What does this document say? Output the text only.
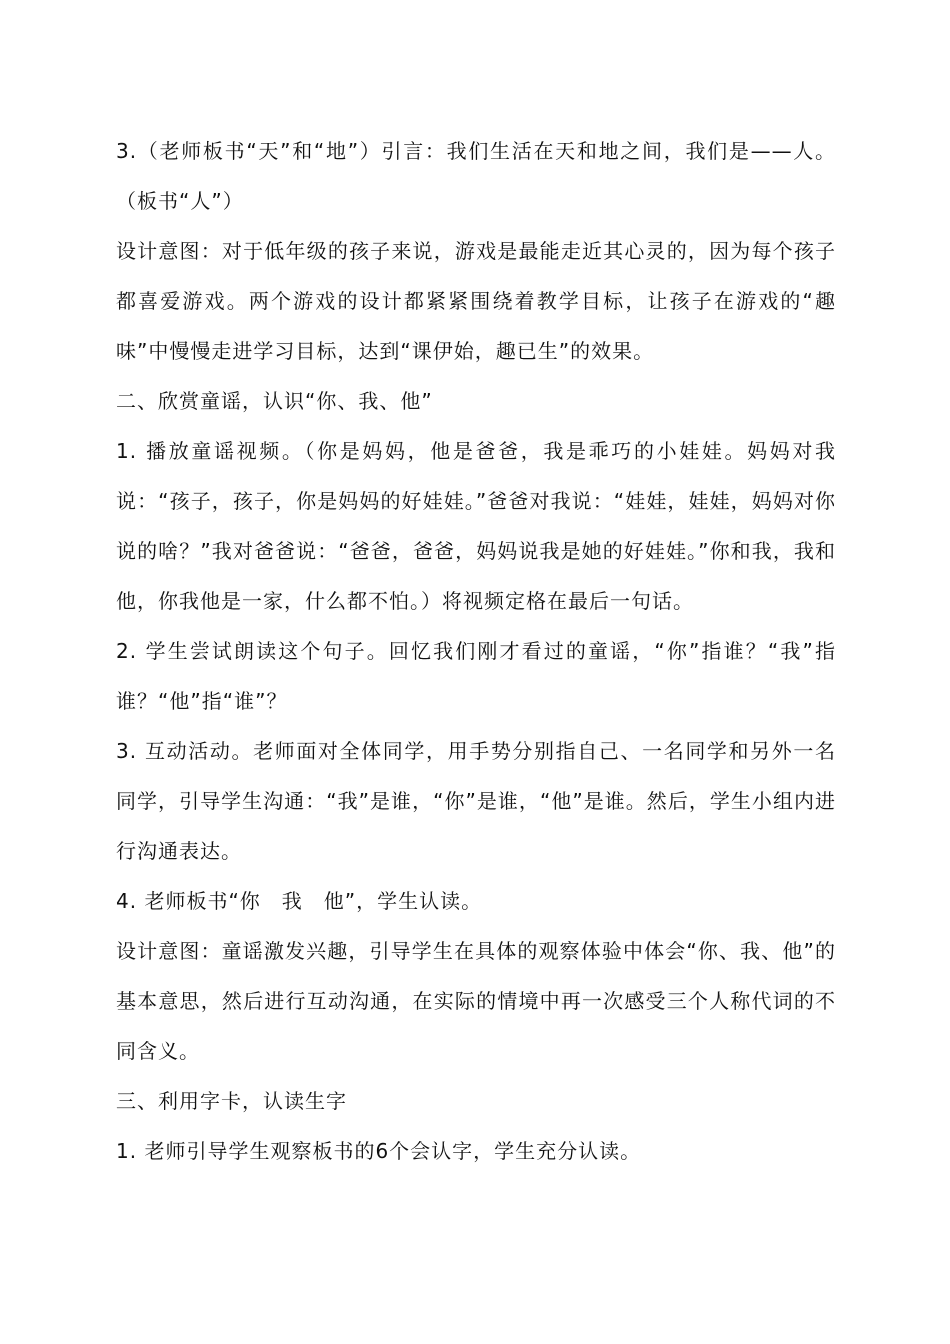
3.（老师板书“天”和“地”）引言：我们生活在天和地之间，我们是——人。（板书“人”）

设计意图：对于低年级的孩子来说，游戏是最能走近其心灵的，因为每个孩子都喜爱游戏。两个游戏的设计都紧紧围绕着教学目标，让孩子在游戏的“趣味”中慢慢走进学习目标，达到“课伊始，趣已生”的效果。

二、欣赏童谣，认识“你、我、他”

1. 播放童谣视频。（你是妈妈，他是爸爸，我是乖巧的小娃娃。妈妈对我说：“孩子，孩子，你是妈妈的好娃娃。”爸爸对我说：“娃娃，娃娃，妈妈对你说的啥？”我对爸爸说：“爸爸，爸爸，妈妈说我是她的好娃娃。”你和我，我和他，你我他是一家，什么都不怕。）将视频定格在最后一句话。

2. 学生尝试朗读这个句子。回忆我们刚才看过的童谣，“你”指谁？“我”指谁？“他”指“谁”？

3. 互动活动。老师面对全体同学，用手势分别指自己、一名同学和另外一名同学，引导学生沟通：“我”是谁，“你”是谁，“他”是谁。然后，学生小组内进行沟通表达。

4. 老师板书“你　我　他”，学生认读。

设计意图：童谣激发兴趣，引导学生在具体的观察体验中体会“你、我、他”的基本意思，然后进行互动沟通，在实际的情境中再一次感受三个人称代词的不同含义。

三、利用字卡，认读生字

1. 老师引导学生观察板书的6个会认字，学生充分认读。
